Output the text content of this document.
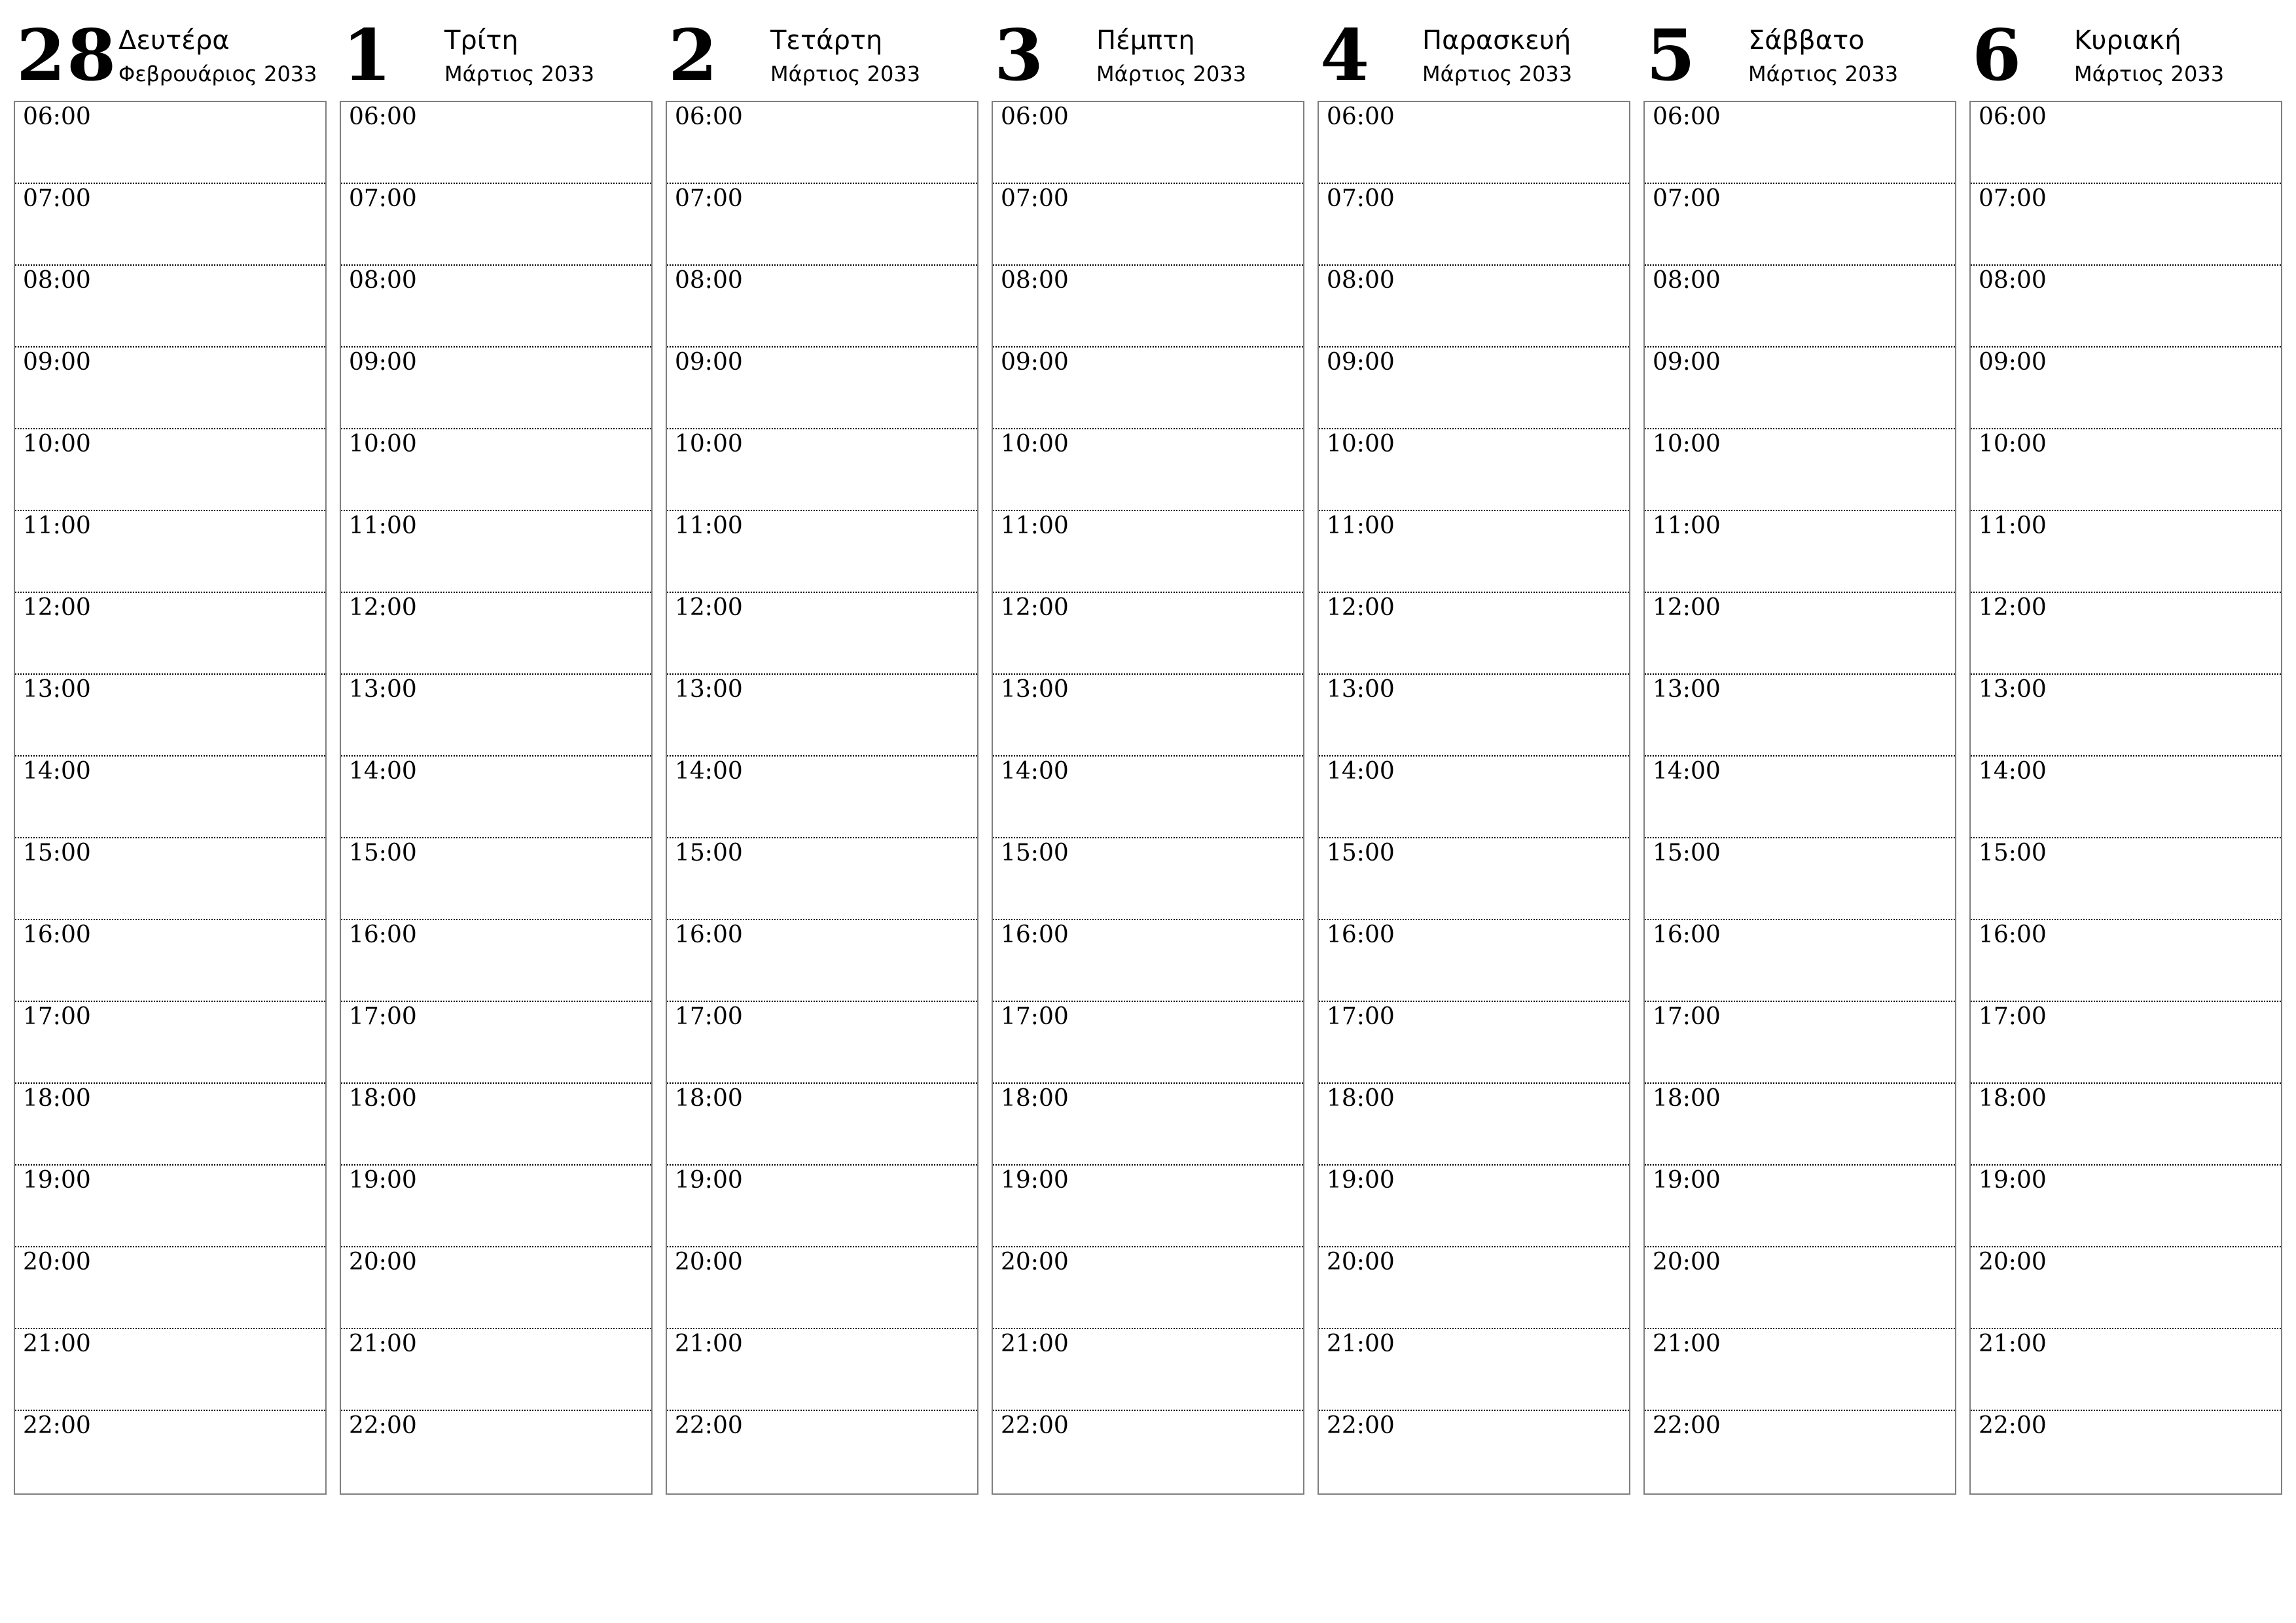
28 Δευτέρα
Φεβρουάριος 2033
06:00
07:00
08:00
09:00
10:00
11:00
12:00
13:00
14:00
15:00
16:00
17:00
18:00
19:00
20:00
21:00
22:00
1 Τρίτη
Μάρτιος 2033
06:00
07:00
08:00
09:00
10:00
11:00
12:00
13:00
14:00
15:00
16:00
17:00
18:00
19:00
20:00
21:00
22:00
2 Τετάρτη
Μάρτιος 2033
06:00
07:00
08:00
09:00
10:00
11:00
12:00
13:00
14:00
15:00
16:00
17:00
18:00
19:00
20:00
21:00
22:00
3 Πέμπτη
Μάρτιος 2033
06:00
07:00
08:00
09:00
10:00
11:00
12:00
13:00
14:00
15:00
16:00
17:00
18:00
19:00
20:00
21:00
22:00
4 Παρασκευή
Μάρτιος 2033
06:00
07:00
08:00
09:00
10:00
11:00
12:00
13:00
14:00
15:00
16:00
17:00
18:00
19:00
20:00
21:00
22:00
5 Σάββατο
Μάρτιος 2033
06:00
07:00
08:00
09:00
10:00
11:00
12:00
13:00
14:00
15:00
16:00
17:00
18:00
19:00
20:00
21:00
22:00
6 Κυριακή
Μάρτιος 2033
06:00
07:00
08:00
09:00
10:00
11:00
12:00
13:00
14:00
15:00
16:00
17:00
18:00
19:00
20:00
21:00
22:00
